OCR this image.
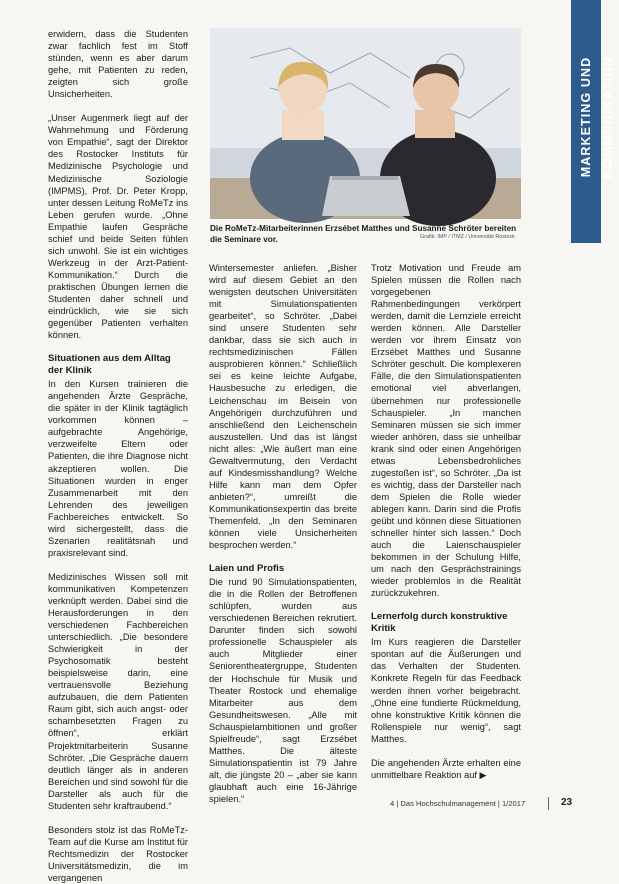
erwidern, dass die Studenten zwar fachlich fest im Stoff stünden, wenn es aber darum gehe, mit Patienten zu reden, zeigten sich große Unsicherheiten.

„Unser Augenmerk liegt auf der Wahrnehmung und Förderung von Empathie“, sagt der Direktor des Rostocker Instituts für Medizinische Psychologie und Medizinische Soziologie (IMPMS), Prof. Dr. Peter Kropp, unter dessen Leitung RoMeTz ins Leben gerufen wurde. „Ohne Empathie laufen Gespräche schief und beide Seiten fühlen sich unwohl. Sie ist ein wichtiges Werkzeug in der Arzt-Patient-Kommunikation.“ Durch die praktischen Übungen lernen die Studenten daher schnell und eindrücklich, wie sie sich gegenüber Patienten verhalten können.

Situationen aus dem Alltag der Klinik

In den Kursen trainieren die angehenden Ärzte Gespräche, die später in der Klinik tagtäglich vorkommen können – aufgebrachte Angehörige, verzweifelte Eltern oder Patienten, die ihre Diagnose nicht akzeptieren wollen. Die Situationen wurden in enger Zusammenarbeit mit den Lehrenden des jeweiligen Fachbereiches entwickelt. So wird sichergestellt, dass die Szenarien realitätsnah und praxisrelevant sind.

Medizinisches Wissen soll mit kommunikativen Kompetenzen verknüpft werden. Dabei sind die Herausforderungen in den verschiedenen Fachbereichen unterschiedlich. „Die besondere Schwierigkeit in der Psychosomatik besteht beispielsweise darin, eine vertrauensvolle Beziehung aufzubauen, die dem Patienten Raum gibt, sich auch angst- oder schambesetzten Fragen zu öffnen“, erklärt Projektmitarbeiterin Susanne Schröter. „Die Gespräche dauern deutlich länger als in anderen Bereichen und sind sowohl für die Darsteller als auch für die Studenten sehr kraftraubend.“

Besonders stolz ist das RoMeTz-Team auf die Kurse am Institut für Rechtsmedizin der Rostocker Universitätsmedizin, die im vergangenen

Die RoMeTz-Mitarbeiterinnen Erzsébet Matthes und Susanne Schröter bereiten die Seminare vor.	Grafik: IMP / ITMZ / Universität Rostock
MARKETING UND KOMMUNIKATION

Wintersemester anliefen. „Bisher wird auf diesem Gebiet an den wenigsten deutschen Universitäten mit Simulationspatienten gearbeitet“, so Schröter. „Dabei sind unsere Studenten sehr dankbar, dass sie sich auch in rechtsmedizinischen Fällen ausprobieren können.“ Schließlich sei es keine leichte Aufgabe, Hausbesuche zu erledigen, die Leichenschau im Beisein von Angehörigen durchzuführen und anschließend den Leichenschein auszustellen. Und das ist längst nicht alles: „Wie äußert man eine Gewaltvermutung, den Verdacht auf Kindesmisshandlung? Welche Hilfe kann man dem Opfer anbieten?“, umreißt die Kommunikationsexpertin das breite Themenfeld. „In den Seminaren können viele Unsicherheiten besprochen werden.“

Laien und Profis

Die rund 90 Simulationspatienten, die in die Rollen der Betroffenen schlüpfen, wurden aus verschiedenen Bereichen rekrutiert. Darunter finden sich sowohl professionelle Schauspieler als auch Mitglieder einer Seniorentheatergruppe, Studenten der Hochschule für Musik und Theater Rostock und ehemalige Mitarbeiter aus dem Gesundheitswesen. „Alle mit Schauspielambitionen und großer Spielfreude“, sagt Erzsébet Matthes. Die älteste Simulationspatientin ist 79 Jahre alt, die jüngste 20 – „aber sie kann glaubhaft auch eine 16-Jährige spielen.“

Trotz Motivation und Freude am Spielen müssen die Rollen nach vorgegebenen Rahmenbedingungen verkörpert werden, damit die Lernziele erreicht werden können. Alle Darsteller werden vor ihrem Einsatz von Erzsébet Matthes und Susanne Schröter geschult. Die komplexeren Fälle, die den Simulationspatienten emotional viel abverlangen, übernehmen nur professionelle Schauspieler. „In manchen Seminaren müssen sie sich immer wieder anhören, dass sie unheilbar krank sind oder einen Angehörigen etwas Lebensbedrohliches zugestoßen ist“, so Schröter. „Da ist es wichtig, dass der Darsteller nach dem Spielen die Rolle wieder ablegen kann. Darin sind die Profis geübt und können diese Situationen schneller hinter sich lassen.“ Doch auch die Laienschauspieler bekommen in der Schulung Hilfe, um nach den Gesprächstrainings wieder problemlos in die Realität zurückzukehren.

Lernerfolg durch konstruktive Kritik

Im Kurs reagieren die Darsteller spontan auf die Äußerungen und das Verhalten der Studenten. Konkrete Regeln für das Feedback werden ihnen vorher beigebracht. „Ohne eine fundierte Rückmeldung, ohne konstruktive Kritik können die Rollenspiele nur wenig“, sagt Matthes.

Die angehenden Ärzte erhalten eine unmittelbare Reaktion auf ▶

4 | Das Hochschulmanagement | 1/2017	23
